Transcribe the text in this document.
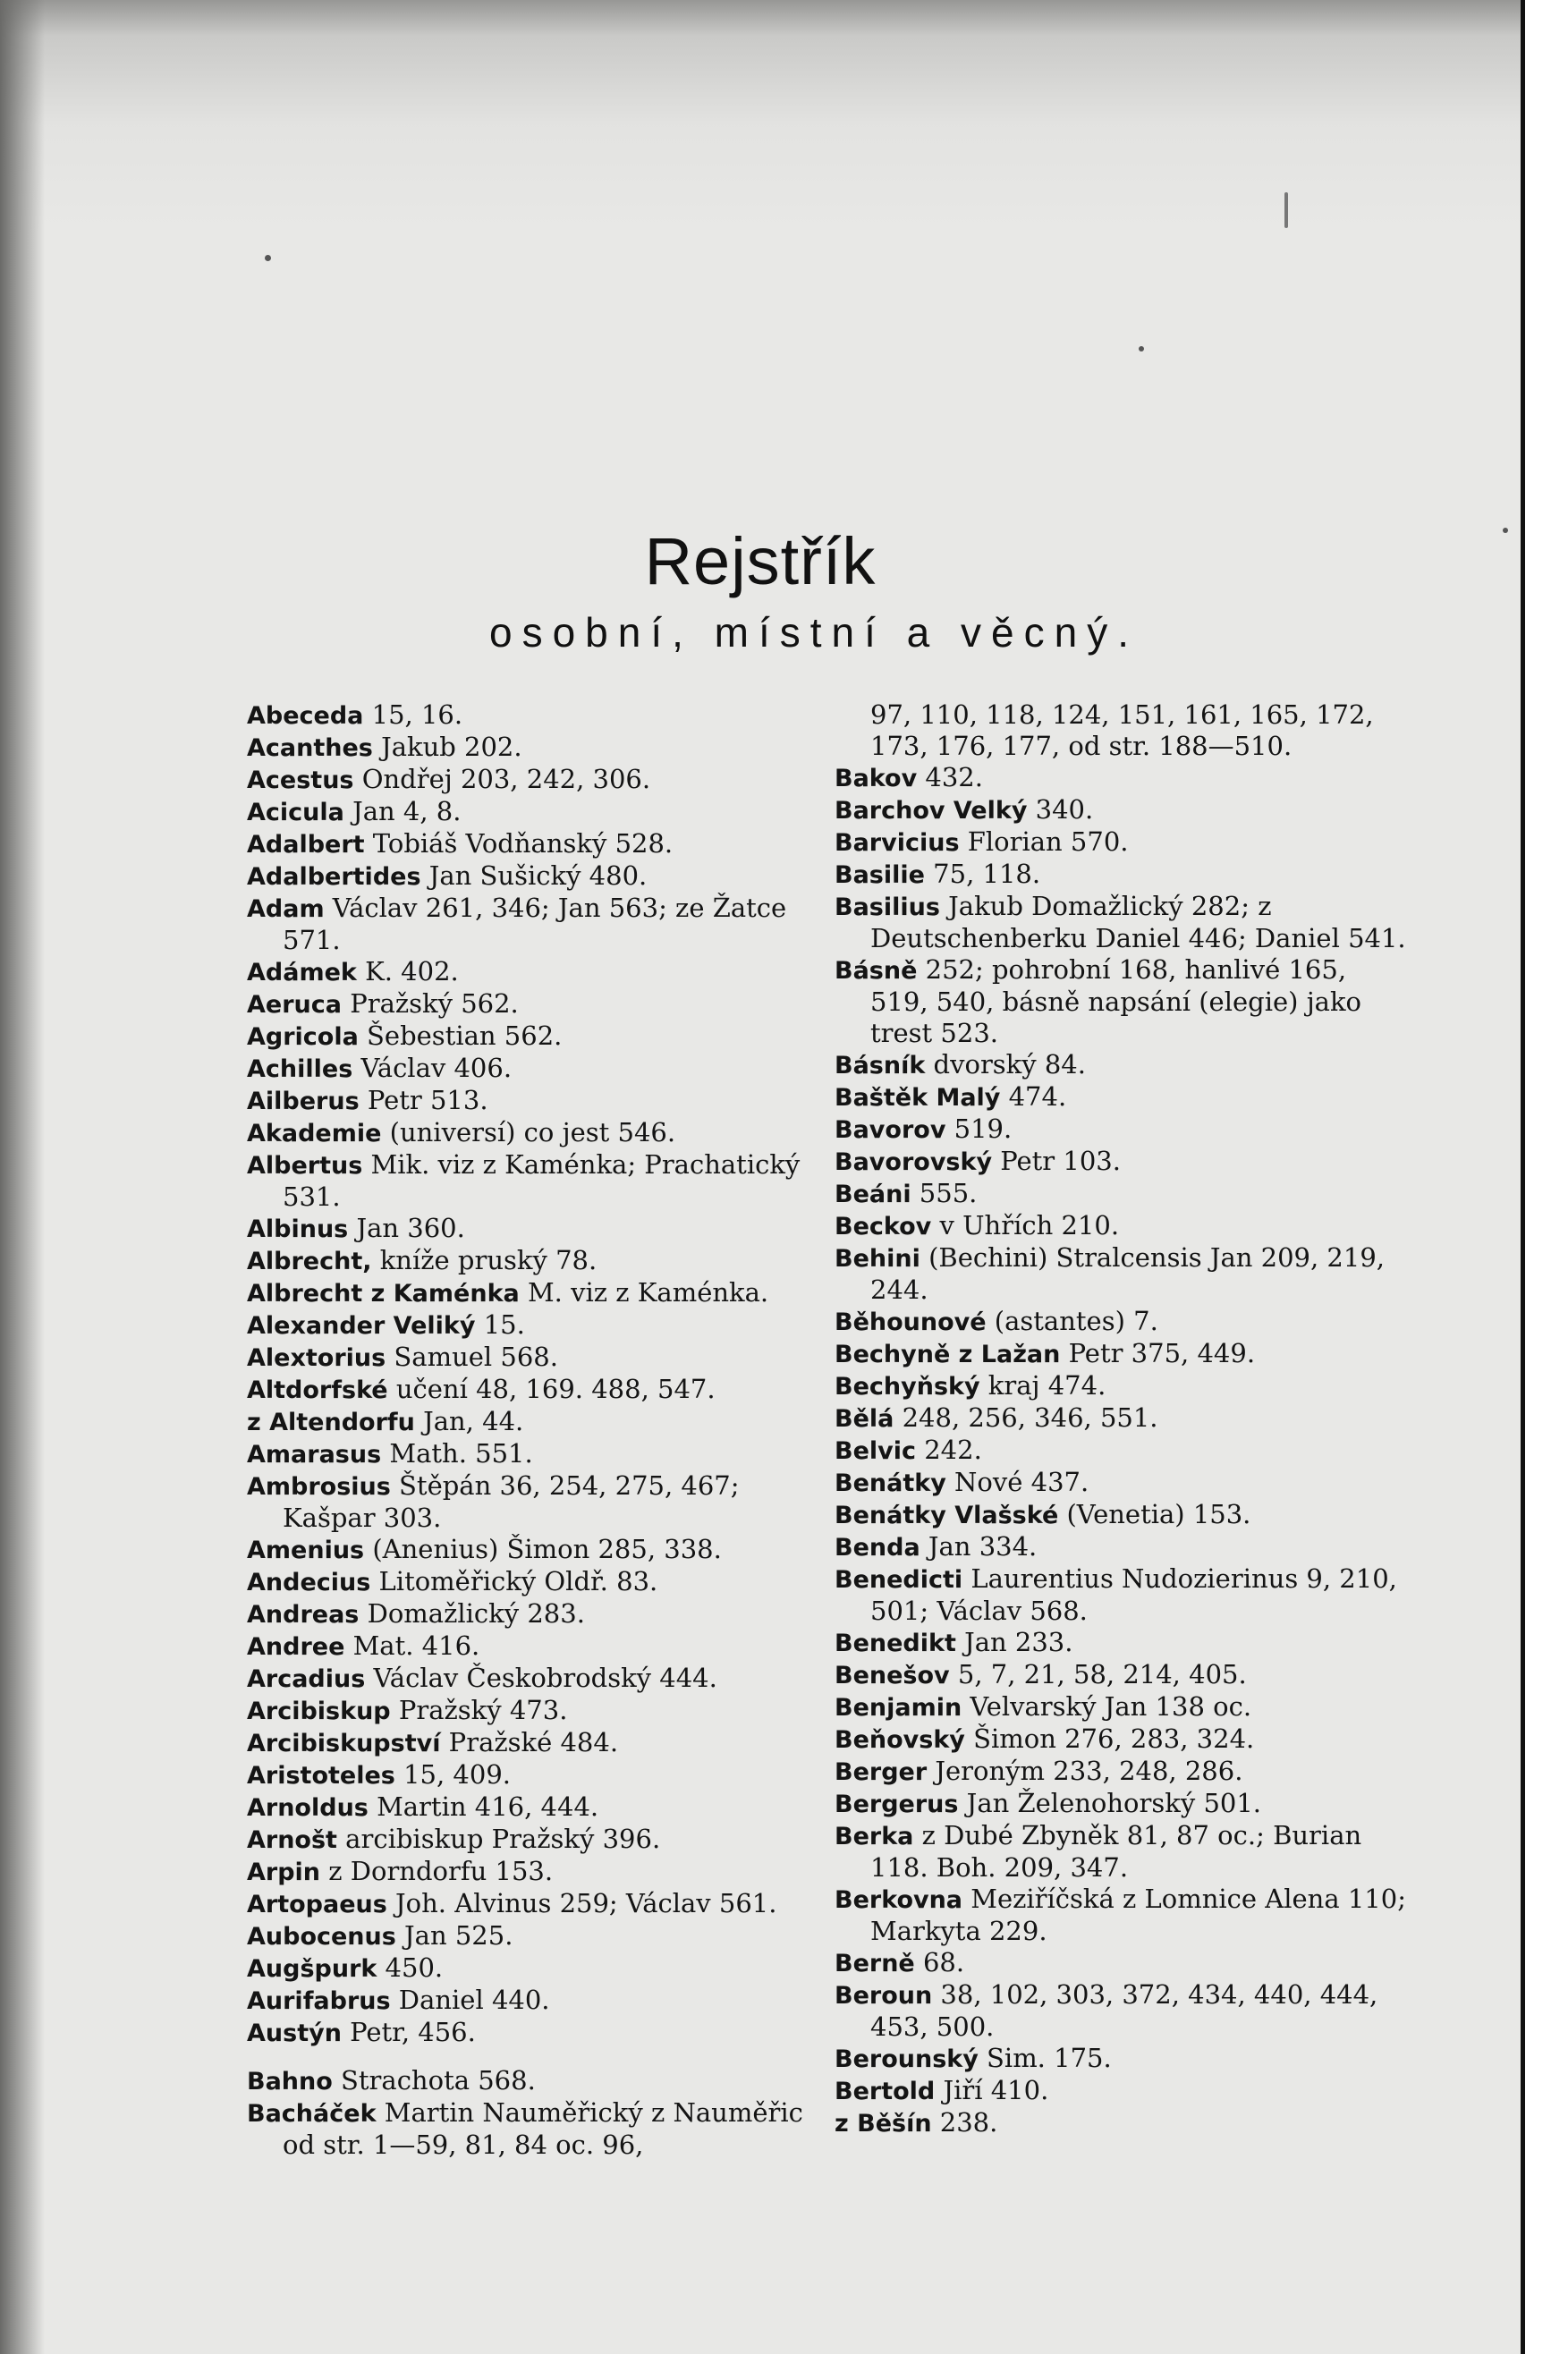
Rejstřík
osobní, místní a věcný.
Abeceda 15, 16.
Acanthes Jakub 202.
Acestus Ondřej 203, 242, 306.
Acicula Jan 4, 8.
Adalbert Tobiáš Vodňanský 528.
Adalbertides Jan Sušický 480.
Adam Václav 261, 346; Jan 563; ze Žatce 571.
Adámek K. 402.
Aeruca Pražský 562.
Agricola Šebestian 562.
Achilles Václav 406.
Ailberus Petr 513.
Akademie (universí) co jest 546.
Albertus Mik. viz z Kaménka; Prachatický 531.
Albinus Jan 360.
Albrecht, kníže pruský 78.
Albrecht z Kaménka M. viz z Kaménka.
Alexander Veliký 15.
Alextorius Samuel 568.
Altdorfské učení 48, 169. 488, 547.
z Altendorfu Jan, 44.
Amarasus Math. 551.
Ambrosius Štěpán 36, 254, 275, 467; Kašpar 303.
Amenius (Anenius) Šimon 285, 338.
Andecius Litoměřický Oldř. 83.
Andreas Domažlický 283.
Andree Mat. 416.
Arcadius Václav Českobrodský 444.
Arcibiskup Pražský 473.
Arcibiskupství Pražské 484.
Aristoteles 15, 409.
Arnoldus Martin 416, 444.
Arnošt arcibiskup Pražský 396.
Arpin z Dorndorfu 153.
Artopaeus Joh. Alvinus 259; Václav 561.
Aubocenus Jan 525.
Augšpurk 450.
Aurifabrus Daniel 440.
Austýn Petr, 456.
Bahno Strachota 568.
Bacháček Martin Nauměřický z Nauměřic od str. 1—59, 81, 84 oc. 96,
97, 110, 118, 124, 151, 161, 165, 172, 173, 176, 177, od str. 188—510.
Bakov 432.
Barchov Velký 340.
Barvicius Florian 570.
Basilie 75, 118.
Basilius Jakub Domažlický 282; z Deutschenberku Daniel 446; Daniel 541.
Básně 252; pohrobní 168, hanlivé 165, 519, 540, básně napsání (elegie) jako trest 523.
Básník dvorský 84.
Baštěk Malý 474.
Bavorov 519.
Bavorovský Petr 103.
Beáni 555.
Beckov v Uhřích 210.
Behini (Bechini) Stralcensis Jan 209, 219, 244.
Běhounové (astantes) 7.
Bechyně z Lažan Petr 375, 449.
Bechyňský kraj 474.
Bělá 248, 256, 346, 551.
Belvic 242.
Benátky Nové 437.
Benátky Vlašské (Venetia) 153.
Benda Jan 334.
Benedicti Laurentius Nudozierinus 9, 210, 501; Václav 568.
Benedikt Jan 233.
Benešov 5, 7, 21, 58, 214, 405.
Benjamin Velvarský Jan 138 oc.
Beňovský Šimon 276, 283, 324.
Berger Jeroným 233, 248, 286.
Bergerus Jan Želenohorský 501.
Berka z Dubé Zbyněk 81, 87 oc.; Burian 118. Boh. 209, 347.
Berkovna Meziříčská z Lomnice Alena 110; Markyta 229.
Berně 68.
Beroun 38, 102, 303, 372, 434, 440, 444, 453, 500.
Berounský Sim. 175.
Bertold Jiří 410.
z Běšín 238.
